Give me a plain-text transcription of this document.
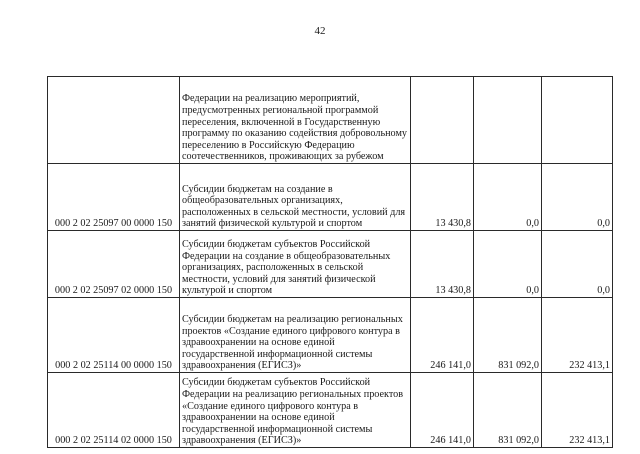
42
	Федерации на реализацию мероприятий, предусмотренных региональной программой переселения, включенной в Государственную программу по оказанию содействия добровольному переселению в Российскую Федерацию соотечественников, проживающих за рубежом			
000 2 02 25097 00 0000 150	Субсидии бюджетам на создание в общеобразовательных организациях, расположенных в сельской местности, условий для занятий физической культурой и спортом	13 430,8	0,0	0,0
000 2 02 25097 02 0000 150	Субсидии бюджетам субъектов Российской Федерации на создание в общеобразовательных организациях, расположенных в сельской местности, условий для занятий физической культурой и спортом	13 430,8	0,0	0,0
000 2 02 25114 00 0000 150	Субсидии бюджетам на реализацию региональных проектов «Создание единого цифрового контура в здравоохранении на основе единой государственной информационной системы здравоохранения (ЕГИСЗ)»	246 141,0	831 092,0	232 413,1
000 2 02 25114 02 0000 150	Субсидии бюджетам субъектов Российской Федерации на реализацию региональных проектов «Создание единого цифрового контура в здравоохранении на основе единой государственной информационной системы здравоохранения (ЕГИСЗ)»	246 141,0	831 092,0	232 413,1
